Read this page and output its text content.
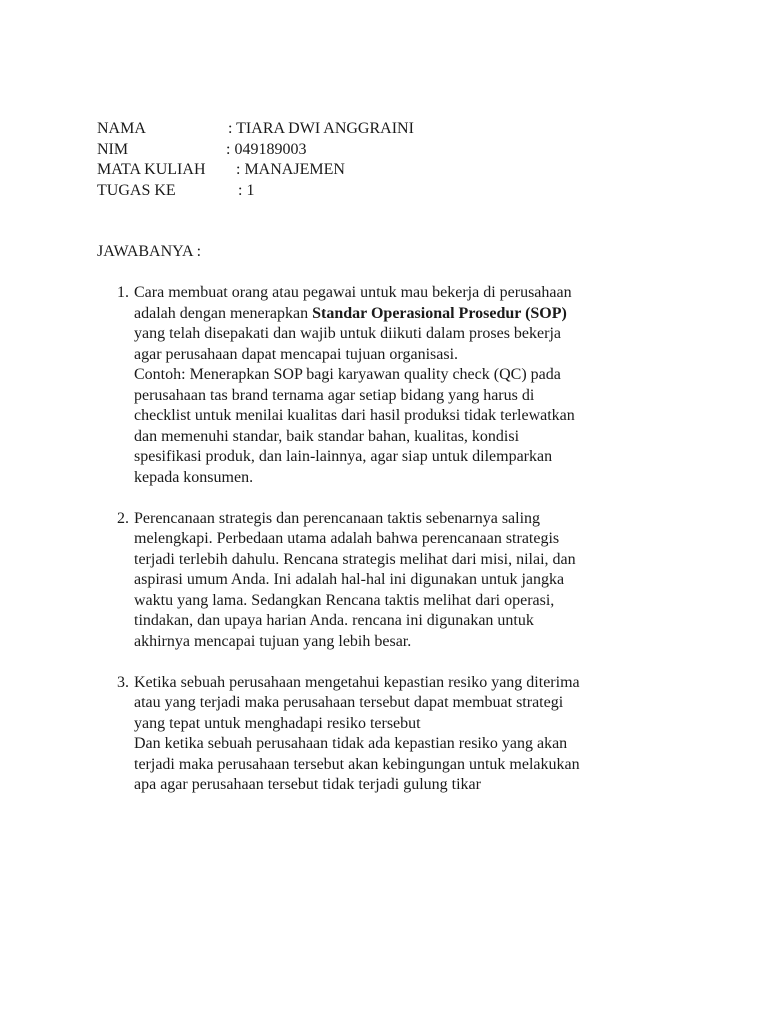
NAMA	: TIARA DWI ANGGRAINI
NIM	: 049189003
MATA KULIAH : MANAJEMEN
TUGAS KE	: 1
JAWABANYA :
1. Cara membuat orang atau pegawai untuk mau bekerja di perusahaan adalah dengan menerapkan Standar Operasional Prosedur (SOP) yang telah disepakati dan wajib untuk diikuti dalam proses bekerja agar perusahaan dapat mencapai tujuan organisasi.

Contoh: Menerapkan SOP bagi karyawan quality check (QC) pada perusahaan tas brand ternama agar setiap bidang yang harus di checklist untuk menilai kualitas dari hasil produksi tidak terlewatkan dan memenuhi standar, baik standar bahan, kualitas, kondisi spesifikasi produk, dan lain-lainnya, agar siap untuk dilemparkan kepada konsumen.

2. Perencanaan strategis dan perencanaan taktis sebenarnya saling melengkapi. Perbedaan utama adalah bahwa perencanaan strategis terjadi terlebih dahulu. Rencana strategis melihat dari misi, nilai, dan aspirasi umum Anda. Ini adalah hal-hal ini digunakan untuk jangka waktu yang lama. Sedangkan Rencana taktis melihat dari operasi, tindakan, dan upaya harian Anda. rencana ini digunakan untuk akhirnya mencapai tujuan yang lebih besar.

3. Ketika sebuah perusahaan mengetahui kepastian resiko yang diterima atau yang terjadi maka perusahaan tersebut dapat membuat strategi yang tepat untuk menghadapi resiko tersebut

Dan ketika sebuah perusahaan tidak ada kepastian resiko yang akan terjadi maka perusahaan tersebut akan kebingungan untuk melakukan apa agar perusahaan tersebut tidak terjadi gulung tikar
